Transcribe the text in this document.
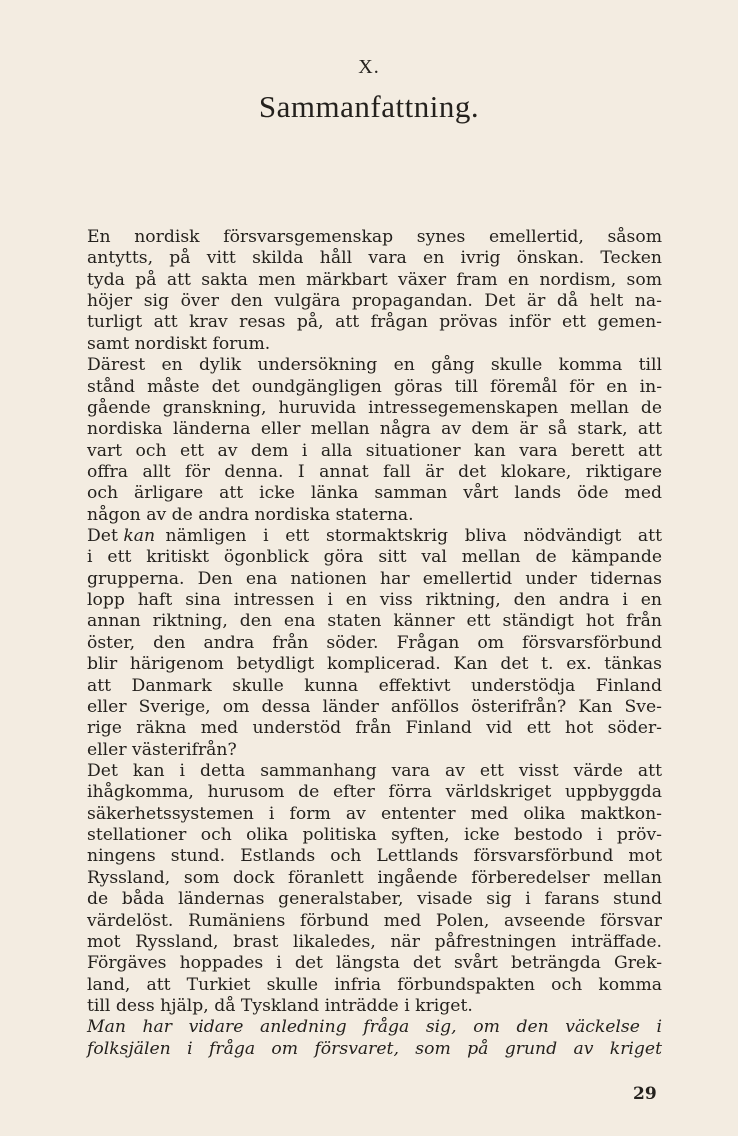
X.
Sammanfattning.
En nordisk försvarsgemenskap synes emellertid, såsom
antytts, på vitt skilda håll vara en ivrig önskan. Tecken
tyda på att sakta men märkbart växer fram en nordism, som
höjer sig över den vulgära propagandan. Det är då helt na-
turligt att krav resas på, att frågan prövas inför ett gemen-
samt nordiskt forum.
Därest en dylik undersökning en gång skulle komma till
stånd måste det oundgängligen göras till föremål för en in-
gående granskning, huruvida intressegemenskapen mellan de
nordiska länderna eller mellan några av dem är så stark, att
vart och ett av dem i alla situationer kan vara berett att
offra allt för denna. I annat fall är det klokare, riktigare
och ärligare att icke länka samman vårt lands öde med
någon av de andra nordiska staterna.
Det kan nämligen i ett stormaktskrig bliva nödvändigt att
i ett kritiskt ögonblick göra sitt val mellan de kämpande
grupperna. Den ena nationen har emellertid under tidernas
lopp haft sina intressen i en viss riktning, den andra i en
annan riktning, den ena staten känner ett ständigt hot från
öster, den andra från söder. Frågan om försvarsförbund
blir härigenom betydligt komplicerad. Kan det t. ex. tänkas
att Danmark skulle kunna effektivt understödja Finland
eller Sverige, om dessa länder anföllos österifrån? Kan Sve-
rige räkna med understöd från Finland vid ett hot söder-
eller västerifrån?
Det kan i detta sammanhang vara av ett visst värde att
ihågkomma, hurusom de efter förra världskriget uppbyggda
säkerhetssystemen i form av ententer med olika maktkon-
stellationer och olika politiska syften, icke bestodo i pröv-
ningens stund. Estlands och Lettlands försvarsförbund mot
Ryssland, som dock föranlett ingående förberedelser mellan
de båda ländernas generalstaber, visade sig i farans stund
värdelöst. Rumäniens förbund med Polen, avseende försvar
mot Ryssland, brast likaledes, när påfrestningen inträffade.
Förgäves hoppades i det längsta det svårt beträngda Grek-
land, att Turkiet skulle infria förbundspakten och komma
till dess hjälp, då Tyskland inträdde i kriget.
Man har vidare anledning fråga sig, om den väckelse i
folksjälen i fråga om försvaret, som på grund av kriget
29
